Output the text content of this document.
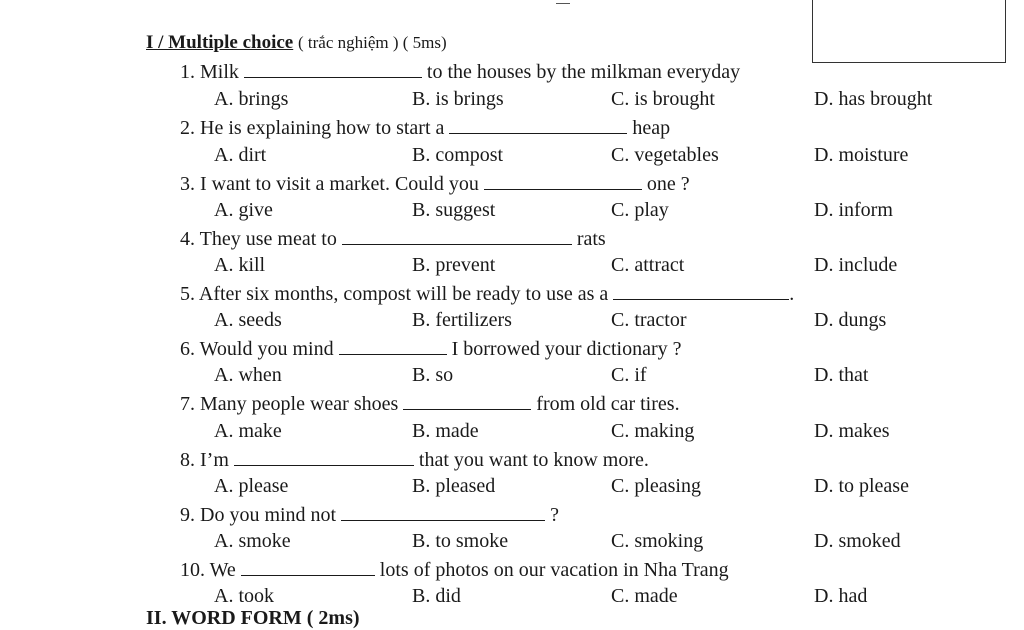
I / Multiple choice ( trắc nghiệm ) ( 5ms)
1. Milk	to the houses by the milkman everyday
A. brings	B. is brings	C. is brought	D. has brought
2. He is explaining how to start a	heap
A. dirt	B. compost	C. vegetables	D. moisture
3. I want to visit a market. Could you	one ?
A. give	B. suggest	C. play	D. inform
4. They use meat to	rats
A. kill	B. prevent	C. attract	D. include
5. After six months, compost will be ready to use as a	.
A. seeds	B. fertilizers	C. tractor	D. dungs
6. Would you mind	I borrowed your dictionary ?
A. when	B. so	C. if	D. that
7. Many people wear shoes	from old car tires.
A. make	B. made	C. making	D. makes
8. I’m	that you want to know more.
A. please	B. pleased	C. pleasing	D. to please
9. Do you mind not	?
A. smoke	B. to smoke	C. smoking	D. smoked
10. We	lots of photos on our vacation in Nha Trang
A. took	B. did	C. made	D. had
II. WORD FORM ( 2ms)
